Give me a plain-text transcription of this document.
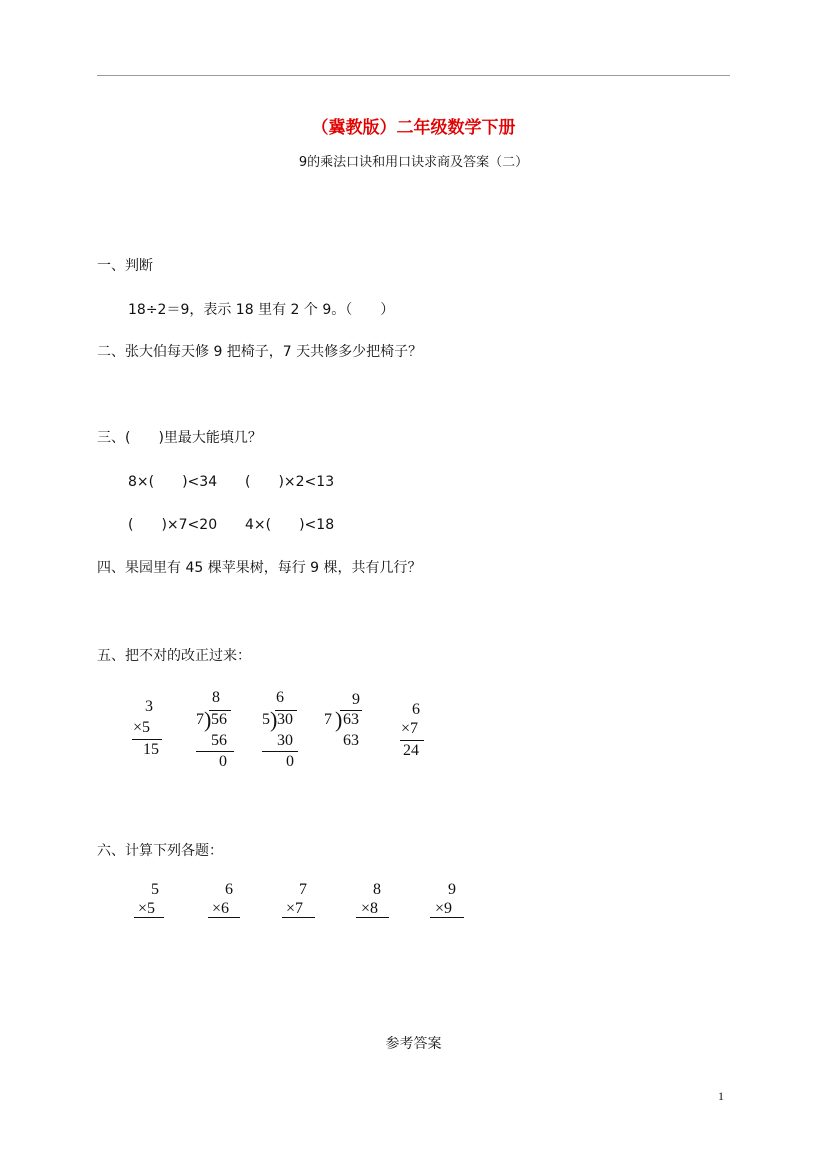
（冀教版）二年级数学下册
9的乘法口诀和用口诀求商及答案（二）
一、判断
18÷2＝9，表示 18 里有 2 个 9。（　　）
二、张大伯每天修 9 把椅子，7 天共修多少把椅子？
三、(　　)里最大能填几？
8×(　　)<34 (　　)×2<13
(　　)×7<20 4×(　　)<18
四、果园里有 45 棵苹果树，每行 9 棵，共有几行？
五、把不对的改正过来：
3
×5
15
8
7 ) 56
56
0
6
5 ) 30
30
0
9
7 ) 63
63
6
×7
24
六、计算下列各题：
5
×5
6
×6
7
×7
8
×8
9
×9
参考答案
1
